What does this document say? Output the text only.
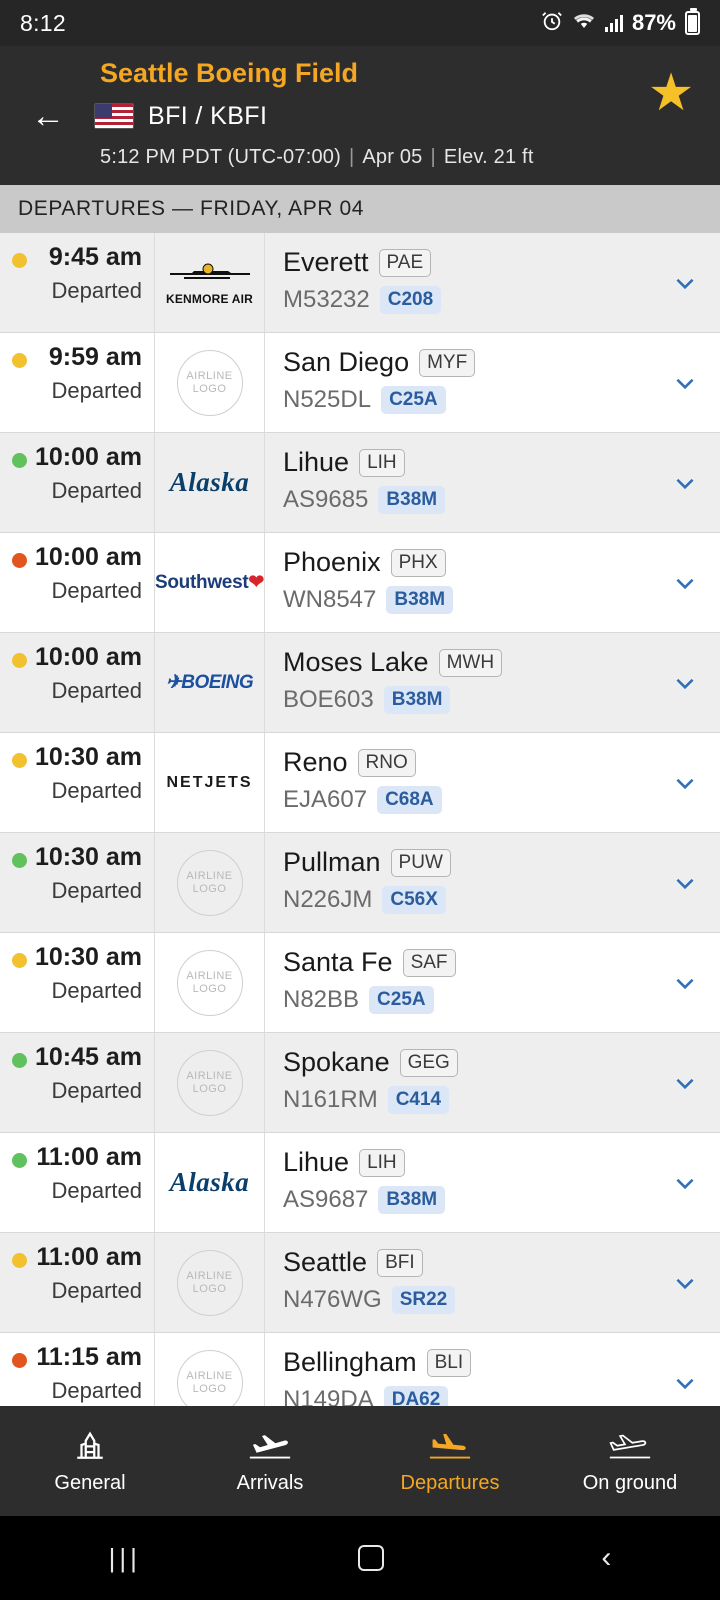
8:12	87%
Seattle Boeing Field
←	BFI / KBFI
5:12 PM PDT (UTC-07:00) | Apr 05 | Elev. 21 ft
★
DEPARTURES — FRIDAY, APR 04
9:45 am
Departed KENMORE AIR
Everett PAE
M53232 C208
9:59 am
Departed
AIRLINE
LOGO
San Diego MYF
N525DL C25A
10:00 am
Departed Alaska
Lihue LIH
AS9685 B38M
10:00 am
Departed Southwest❤
Phoenix PHX
WN8547 B38M
10:00 am
Departed ✈BOEING
Moses Lake MWH
BOE603 B38M
10:30 am
Departed NETJETS
Reno RNO
EJA607 C68A
10:30 am
Departed
AIRLINE
LOGO
Pullman PUW
N226JM C56X
10:30 am
Departed
AIRLINE
LOGO
Santa Fe SAF
N82BB C25A
10:45 am
Departed
AIRLINE
LOGO
Spokane GEG
N161RM C414
11:00 am
Departed Alaska
Lihue LIH
AS9687 B38M
11:00 am
Departed
AIRLINE
LOGO
Seattle BFI
N476WG SR22
11:15 am
Departed
AIRLINE
LOGO
Bellingham BLI
N149DA DA62
General	Arrivals	Departures	On ground
|||	‹
